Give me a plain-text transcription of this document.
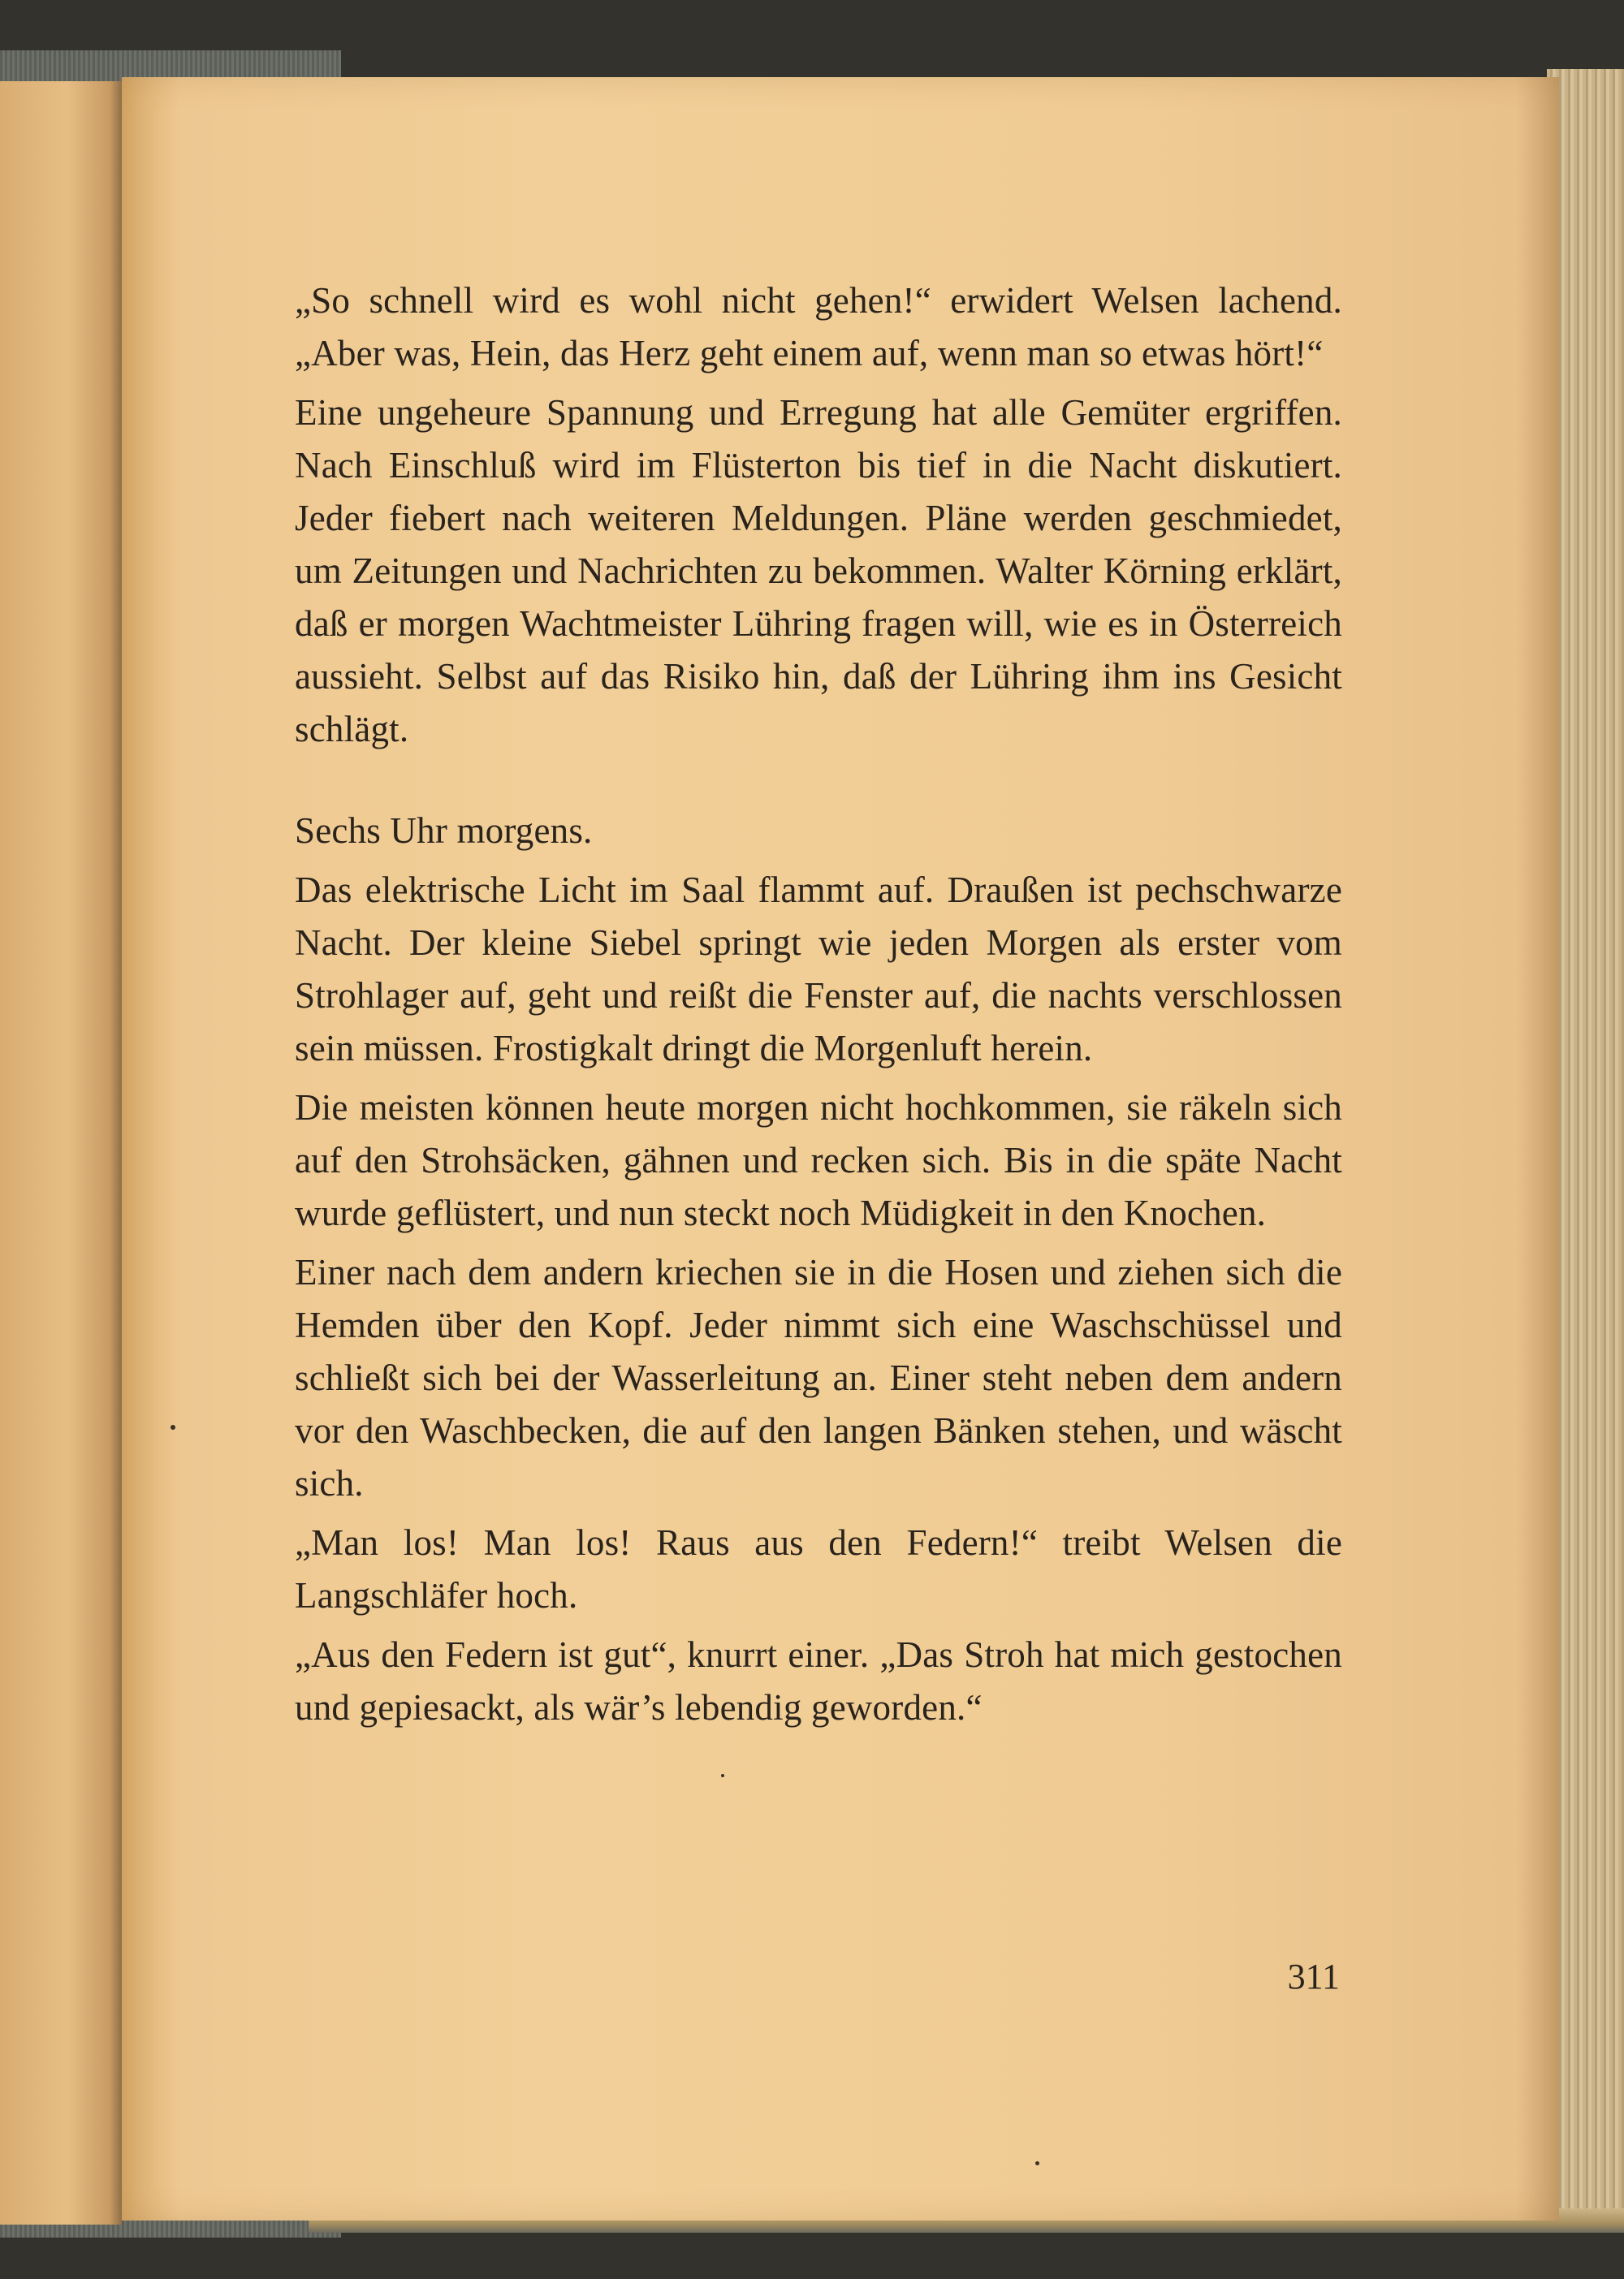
„So schnell wird es wohl nicht gehen!“ erwidert Welsen lachend. „Aber was, Hein, das Herz geht einem auf, wenn man so etwas hört!“

Eine ungeheure Spannung und Erregung hat alle Gemüter ergriffen. Nach Einschluß wird im Flüsterton bis tief in die Nacht diskutiert. Jeder fiebert nach weiteren Meldungen. Pläne werden geschmiedet, um Zeitungen und Nachrichten zu bekommen. Walter Körning erklärt, daß er morgen Wachtmeister Lühring fragen will, wie es in Österreich aussieht. Selbst auf das Risiko hin, daß der Lühring ihm ins Gesicht schlägt.

Sechs Uhr morgens.

Das elektrische Licht im Saal flammt auf. Draußen ist pechschwarze Nacht. Der kleine Siebel springt wie jeden Morgen als erster vom Strohlager auf, geht und reißt die Fenster auf, die nachts verschlossen sein müssen. Frostigkalt dringt die Morgenluft herein.

Die meisten können heute morgen nicht hochkommen, sie räkeln sich auf den Strohsäcken, gähnen und recken sich. Bis in die späte Nacht wurde geflüstert, und nun steckt noch Müdigkeit in den Knochen.

Einer nach dem andern kriechen sie in die Hosen und ziehen sich die Hemden über den Kopf. Jeder nimmt sich eine Waschschüssel und schließt sich bei der Wasserleitung an. Einer steht neben dem andern vor den Waschbecken, die auf den langen Bänken stehen, und wäscht sich.

„Man los! Man los! Raus aus den Federn!“ treibt Welsen die Langschläfer hoch.

„Aus den Federn ist gut“, knurrt einer. „Das Stroh hat mich gestochen und gepiesackt, als wär’s lebendig geworden.“

311
